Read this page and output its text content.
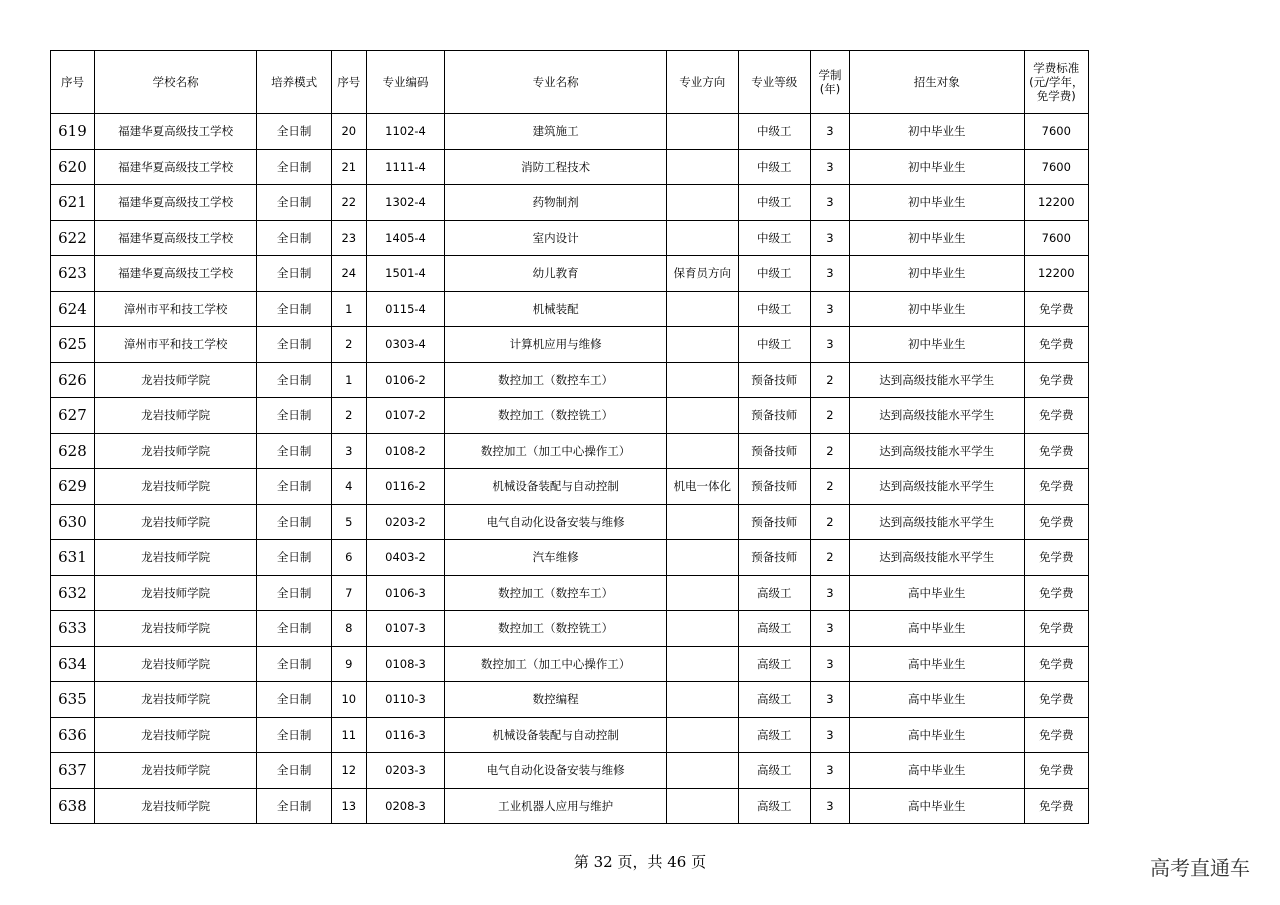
序号	学校名称	培养模式	序号	专业编码	专业名称	专业方向	专业等级	学制(年)	招生对象	学费标准(元/学年，免学费)
619	福建华夏高级技工学校	全日制	20	1102-4	建筑施工		中级工	3	初中毕业生	7600
620	福建华夏高级技工学校	全日制	21	1111-4	消防工程技术		中级工	3	初中毕业生	7600
621	福建华夏高级技工学校	全日制	22	1302-4	药物制剂		中级工	3	初中毕业生	12200
622	福建华夏高级技工学校	全日制	23	1405-4	室内设计		中级工	3	初中毕业生	7600
623	福建华夏高级技工学校	全日制	24	1501-4	幼儿教育	保育员方向	中级工	3	初中毕业生	12200
624	漳州市平和技工学校	全日制	1	0115-4	机械装配		中级工	3	初中毕业生	免学费
625	漳州市平和技工学校	全日制	2	0303-4	计算机应用与维修		中级工	3	初中毕业生	免学费
626	龙岩技师学院	全日制	1	0106-2	数控加工（数控车工）		预备技师	2	达到高级技能水平学生	免学费
627	龙岩技师学院	全日制	2	0107-2	数控加工（数控铣工）		预备技师	2	达到高级技能水平学生	免学费
628	龙岩技师学院	全日制	3	0108-2	数控加工（加工中心操作工）		预备技师	2	达到高级技能水平学生	免学费
629	龙岩技师学院	全日制	4	0116-2	机械设备装配与自动控制	机电一体化	预备技师	2	达到高级技能水平学生	免学费
630	龙岩技师学院	全日制	5	0203-2	电气自动化设备安装与维修		预备技师	2	达到高级技能水平学生	免学费
631	龙岩技师学院	全日制	6	0403-2	汽车维修		预备技师	2	达到高级技能水平学生	免学费
632	龙岩技师学院	全日制	7	0106-3	数控加工（数控车工）		高级工	3	高中毕业生	免学费
633	龙岩技师学院	全日制	8	0107-3	数控加工（数控铣工）		高级工	3	高中毕业生	免学费
634	龙岩技师学院	全日制	9	0108-3	数控加工（加工中心操作工）		高级工	3	高中毕业生	免学费
635	龙岩技师学院	全日制	10	0110-3	数控编程		高级工	3	高中毕业生	免学费
636	龙岩技师学院	全日制	11	0116-3	机械设备装配与自动控制		高级工	3	高中毕业生	免学费
637	龙岩技师学院	全日制	12	0203-3	电气自动化设备安装与维修		高级工	3	高中毕业生	免学费
638	龙岩技师学院	全日制	13	0208-3	工业机器人应用与维护		高级工	3	高中毕业生	免学费
第 32 页，共 46 页	高考直通车
